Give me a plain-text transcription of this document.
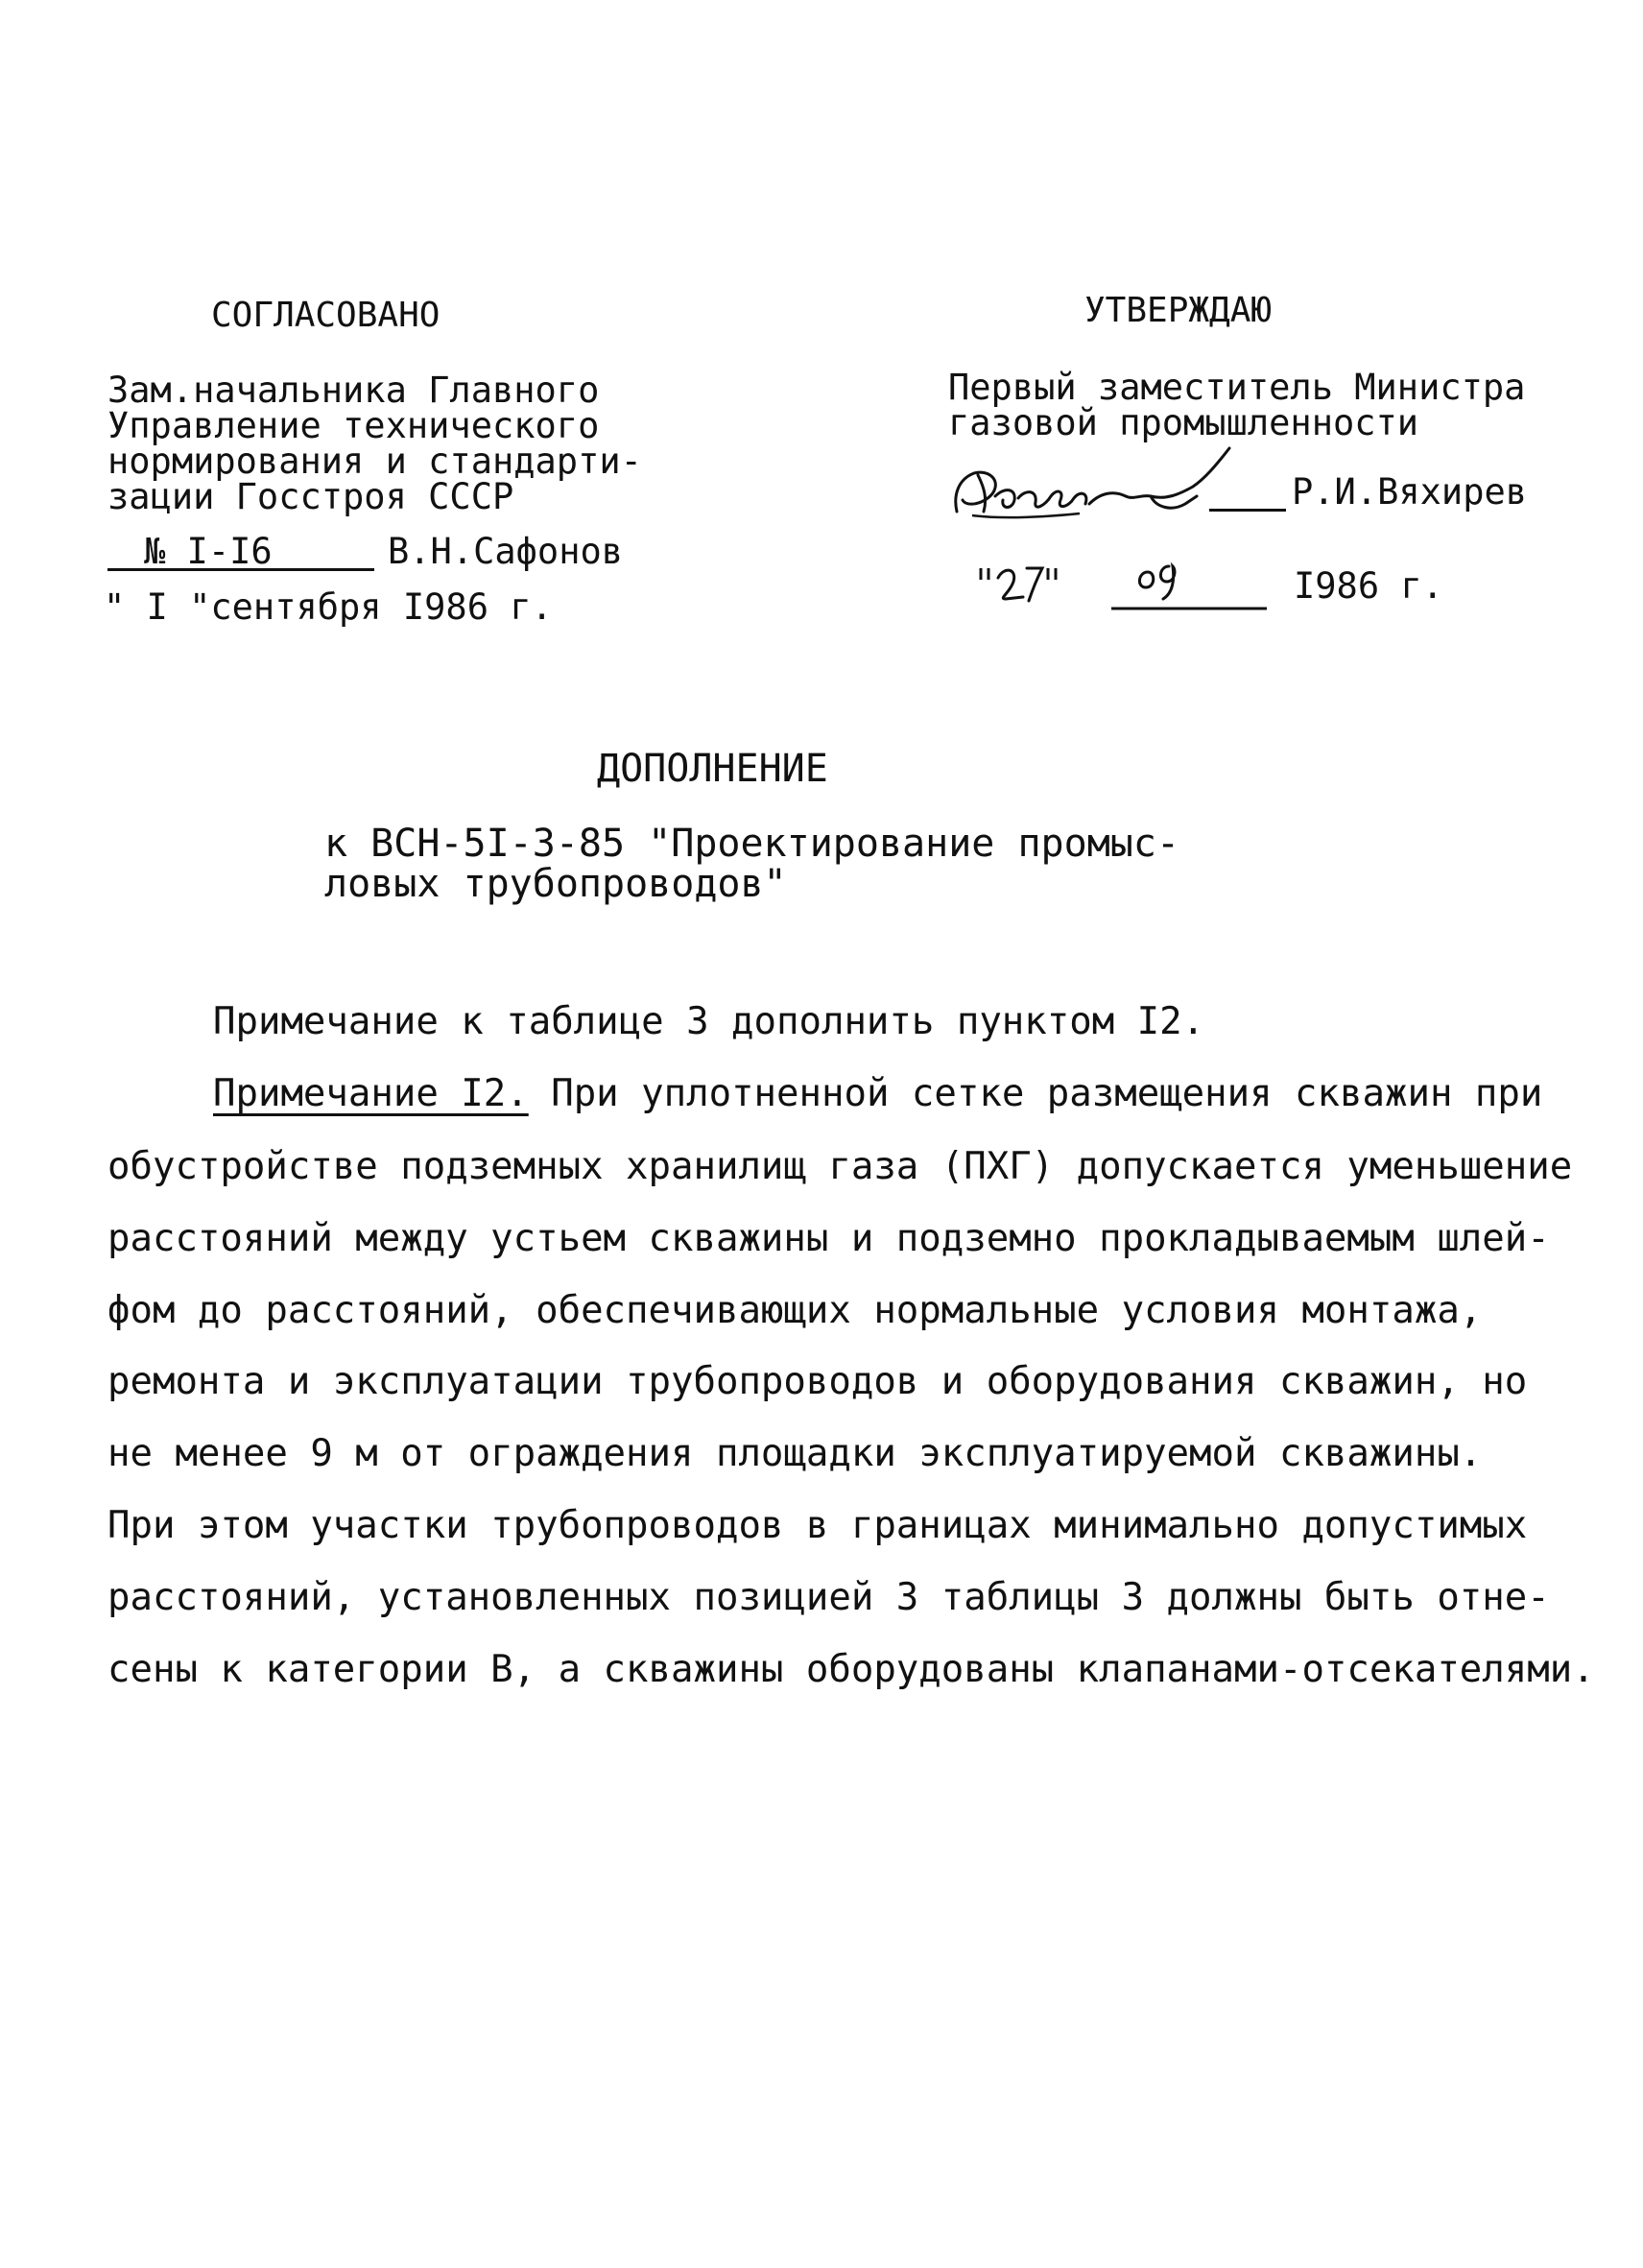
СОГЛАСОВАНО
Зам.начальника Главного
Управление технического
нормирования и стандарти-
зации Госстроя СССР
№ I-I6	В.Н.Сафонов
" I "сентября I986 г.
УТВЕРЖДАЮ
Первый заместитель Министра
газовой промышленности
Р.И.Вяхирев
I986 г.
ДОПОЛНЕНИЕ
к ВСН-5I-3-85 "Проектирование промыс-
ловых трубопроводов"
Примечание к таблице 3 дополнить пунктом I2.
Примечание I2. При уплотненной сетке размещения скважин при
обустройстве подземных хранилищ газа (ПХГ) допускается уменьшение
расстояний между устьем скважины и подземно прокладываемым шлей-
фом до расстояний, обеспечивающих нормальные условия монтажа,
ремонта и эксплуатации трубопроводов и оборудования скважин, но
не менее 9 м от ограждения площадки эксплуатируемой скважины.
При этом участки трубопроводов в границах минимально допустимых
расстояний, установленных позицией 3 таблицы 3 должны быть отне-
сены к категории В, а скважины оборудованы клапанами-отсекателями.
